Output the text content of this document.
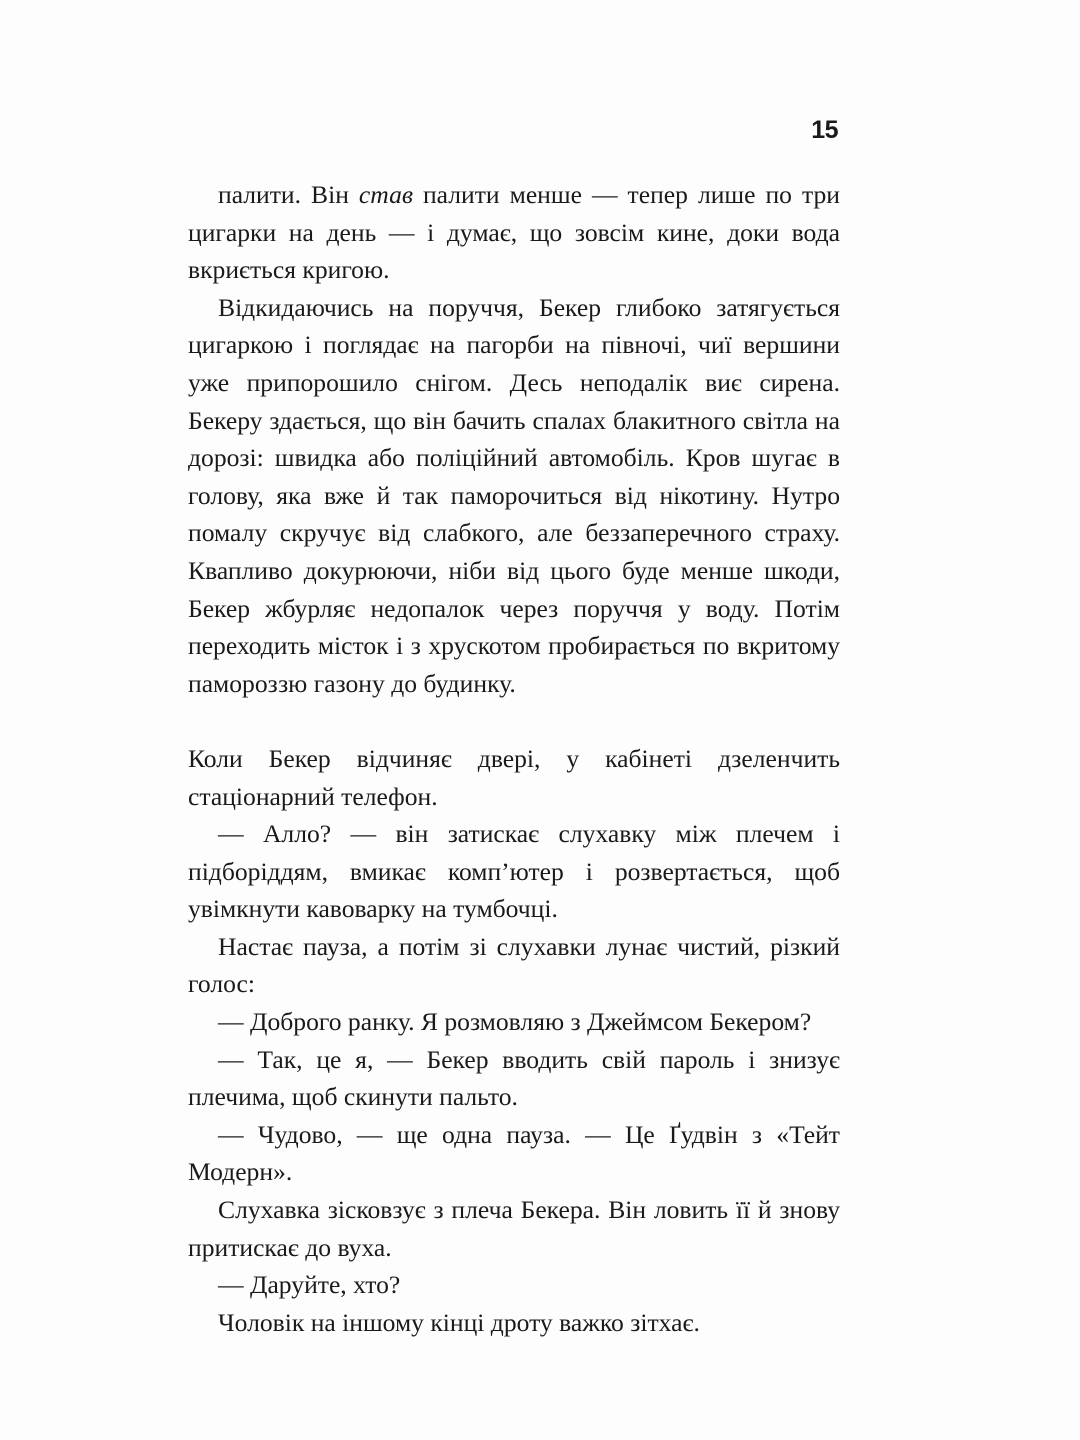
15

палити. Він став палити менше — тепер лише по три цигарки на день — і думає, що зовсім кине, доки вода вкриється кригою.

Відкидаючись на поруччя, Бекер глибоко затягується цигаркою і поглядає на пагорби на півночі, чиї вершини уже припорошило снігом. Десь неподалік виє сирена. Бекеру здається, що він бачить спалах блакитного світла на дорозі: швидка або поліційний автомобіль. Кров шугає в голову, яка вже й так паморочиться від нікотину. Нутро помалу скручує від слабкого, але беззаперечного страху. Квапливо докурюючи, ніби від цього буде менше шкоди, Бекер жбурляє недопалок через поруччя у воду. Потім переходить місток і з хрускотом пробирається по вкритому памороззю газону до будинку.

Коли Бекер відчиняє двері, у кабінеті дзеленчить стаціонарний телефон.

— Алло? — він затискає слухавку між плечем і підборіддям, вмикає комп’ютер і розвертається, щоб увімкнути кавоварку на тумбочці.

Настає пауза, а потім зі слухавки лунає чистий, різкий голос:

— Доброго ранку. Я розмовляю з Джеймсом Бекером?

— Так, це я, — Бекер вводить свій пароль і знизує плечима, щоб скинути пальто.

— Чудово, — ще одна пауза. — Це Ґудвін з «Тейт Модерн».

Слухавка зісковзує з плеча Бекера. Він ловить її й знову притискає до вуха.

— Даруйте, хто?

Чоловік на іншому кінці дроту важко зітхає.
